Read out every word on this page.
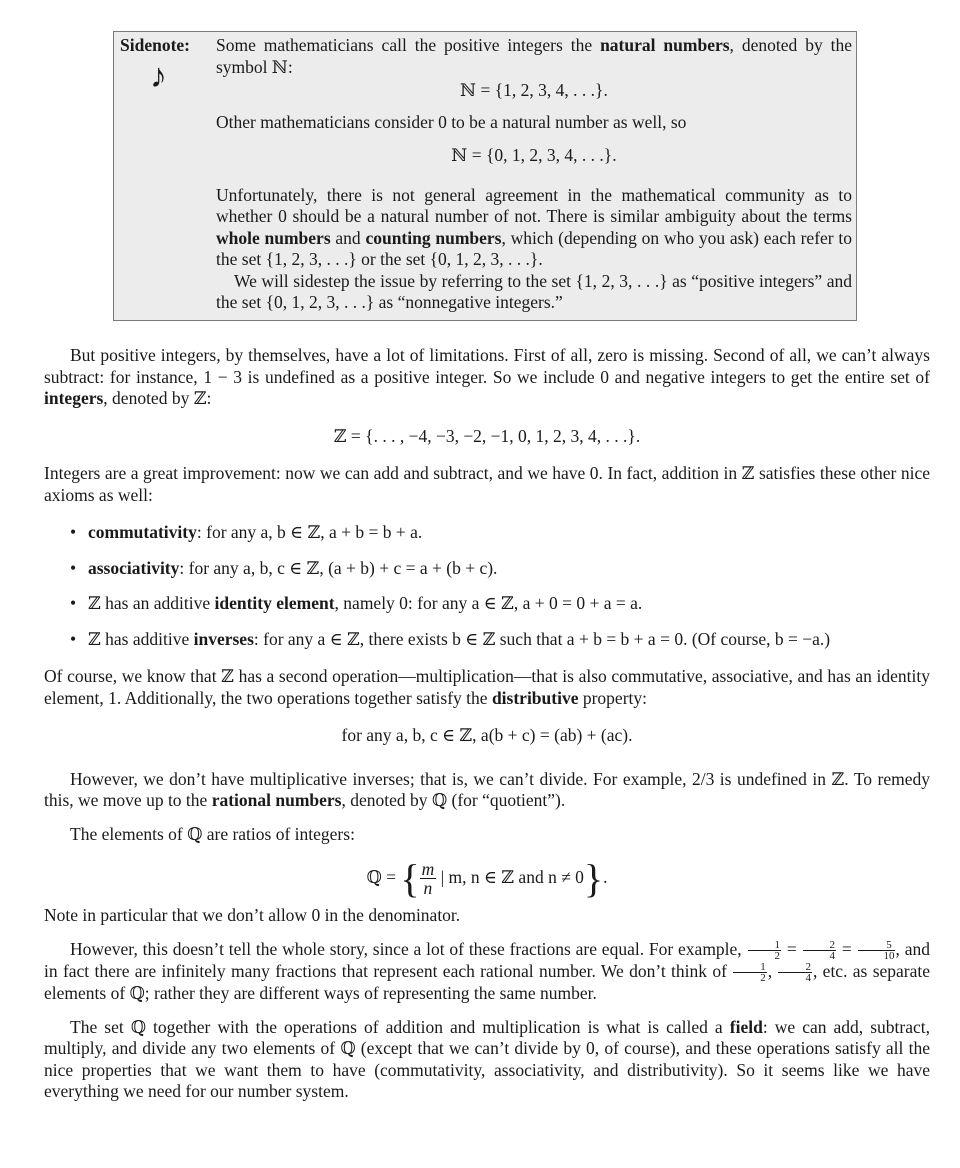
Sidenote:
♪

Some mathematicians call the positive integers the natural numbers, denoted by the symbol ℕ:

ℕ = {1, 2, 3, 4, . . .}.

Other mathematicians consider 0 to be a natural number as well, so

ℕ = {0, 1, 2, 3, 4, . . .}.

Unfortunately, there is not general agreement in the mathematical community as to whether 0 should be a natural number of not. There is similar ambiguity about the terms whole numbers and counting numbers, which (depending on who you ask) each refer to the set {1, 2, 3, . . .} or the set {0, 1, 2, 3, . . .}.

We will sidestep the issue by referring to the set {1, 2, 3, . . .} as “positive integers” and the set {0, 1, 2, 3, . . .} as “nonnegative integers.”

But positive integers, by themselves, have a lot of limitations. First of all, zero is missing. Second of all, we can’t always subtract: for instance, 1 − 3 is undefined as a positive integer. So we include 0 and negative integers to get the entire set of integers, denoted by ℤ:

ℤ = {. . . , −4, −3, −2, −1, 0, 1, 2, 3, 4, . . .}.

Integers are a great improvement: now we can add and subtract, and we have 0. In fact, addition in ℤ satisfies these other nice axioms as well:

• commutativity: for any a, b ∈ ℤ, a + b = b + a.
• associativity: for any a, b, c ∈ ℤ, (a + b) + c = a + (b + c).
• ℤ has an additive identity element, namely 0: for any a ∈ ℤ, a + 0 = 0 + a = a.
• ℤ has additive inverses: for any a ∈ ℤ, there exists b ∈ ℤ such that a + b = b + a = 0. (Of course, b = −a.)

Of course, we know that ℤ has a second operation—multiplication—that is also commutative, associative, and has an identity element, 1. Additionally, the two operations together satisfy the distributive property:

for any a, b, c ∈ ℤ, a(b + c) = (ab) + (ac).

However, we don’t have multiplicative inverses; that is, we can’t divide. For example, 2/3 is undefined in ℤ. To remedy this, we move up to the rational numbers, denoted by ℚ (for “quotient”).

The elements of ℚ are ratios of integers:

ℚ = { $\frac{m}{n}$ | m, n ∈ ℤ and n ≠ 0}.

Note in particular that we don’t allow 0 in the denominator.

However, this doesn’t tell the whole story, since a lot of these fractions are equal. For example, $\frac{1}{2} = \frac{2}{4} = \frac{5}{10}$ , and in fact there are infinitely many fractions that represent each rational number. We don’t think of $\frac{1}{2}$ , $\frac{2}{4}$ , etc. as separate elements of ℚ; rather they are different ways of representing the same number.

The set ℚ together with the operations of addition and multiplication is what is called a field: we can add, subtract, multiply, and divide any two elements of ℚ (except that we can’t divide by 0, of course), and these operations satisfy all the nice properties that we want them to have (commutativity, associativity, and distributivity). So it seems like we have everything we need for our number system.
